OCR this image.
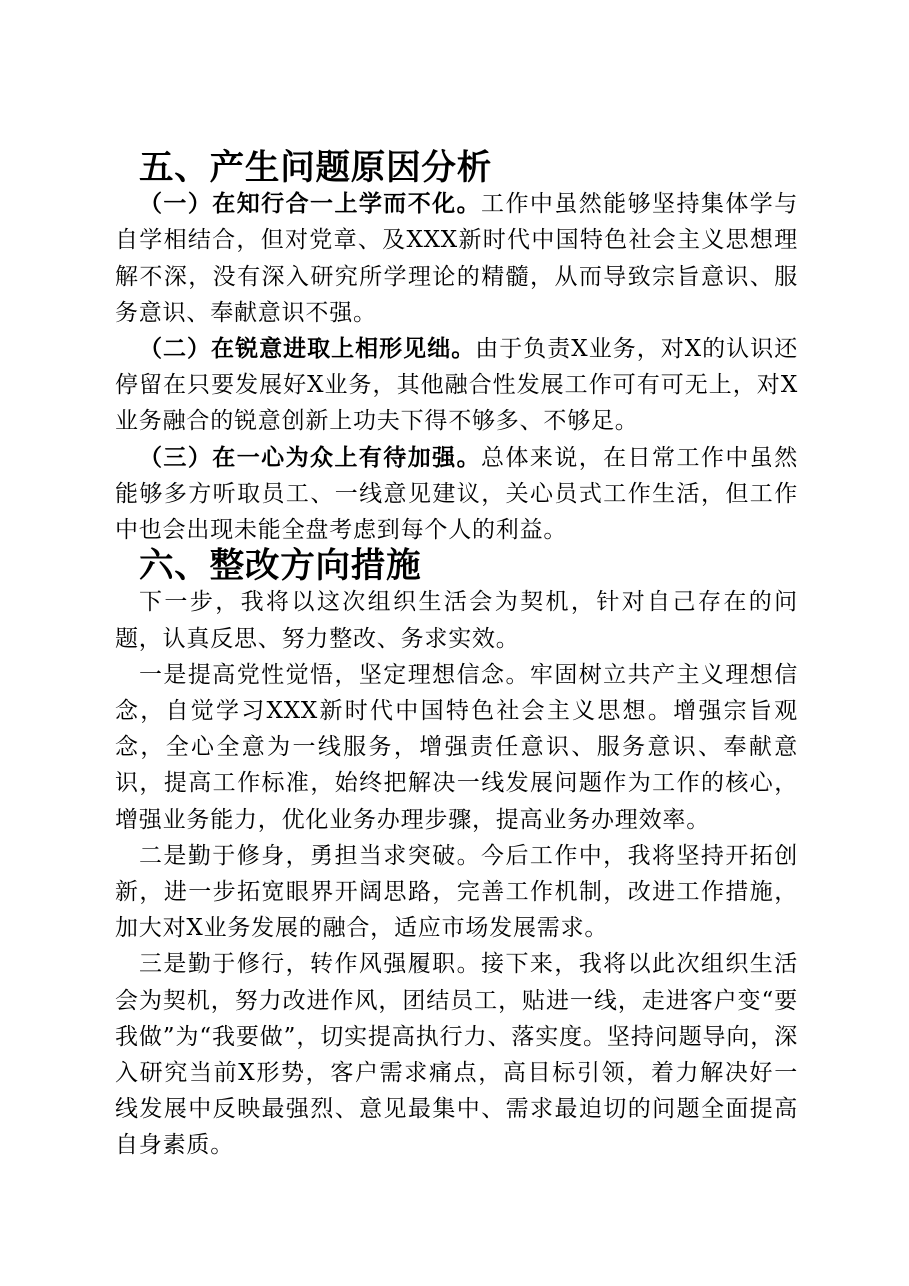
五、产生问题原因分析

（一）在知行合一上学而不化。工作中虽然能够坚持集体学与自学相结合，但对党章、及XXX新时代中国特色社会主义思想理解不深，没有深入研究所学理论的精髓，从而导致宗旨意识、服务意识、奉献意识不强。

（二）在锐意进取上相形见绌。由于负责X业务，对X的认识还停留在只要发展好X业务，其他融合性发展工作可有可无上，对X业务融合的锐意创新上功夫下得不够多、不够足。

（三）在一心为众上有待加强。总体来说，在日常工作中虽然能够多方听取员工、一线意见建议，关心员式工作生活，但工作中也会出现未能全盘考虑到每个人的利益。

六、整改方向措施

下一步，我将以这次组织生活会为契机，针对自己存在的问题，认真反思、努力整改、务求实效。

一是提高党性觉悟，坚定理想信念。牢固树立共产主义理想信念，自觉学习XXX新时代中国特色社会主义思想。增强宗旨观念，全心全意为一线服务，增强责任意识、服务意识、奉献意识，提高工作标准，始终把解决一线发展问题作为工作的核心，增强业务能力，优化业务办理步骤，提高业务办理效率。

二是勤于修身，勇担当求突破。今后工作中，我将坚持开拓创新，进一步拓宽眼界开阔思路，完善工作机制，改进工作措施，加大对X业务发展的融合，适应市场发展需求。

三是勤于修行，转作风强履职。接下来，我将以此次组织生活会为契机，努力改进作风，团结员工，贴进一线，走进客户变“要我做”为“我要做”，切实提高执行力、落实度。坚持问题导向，深入研究当前X形势，客户需求痛点，高目标引领，着力解决好一线发展中反映最强烈、意见最集中、需求最迫切的问题全面提高自身素质。
